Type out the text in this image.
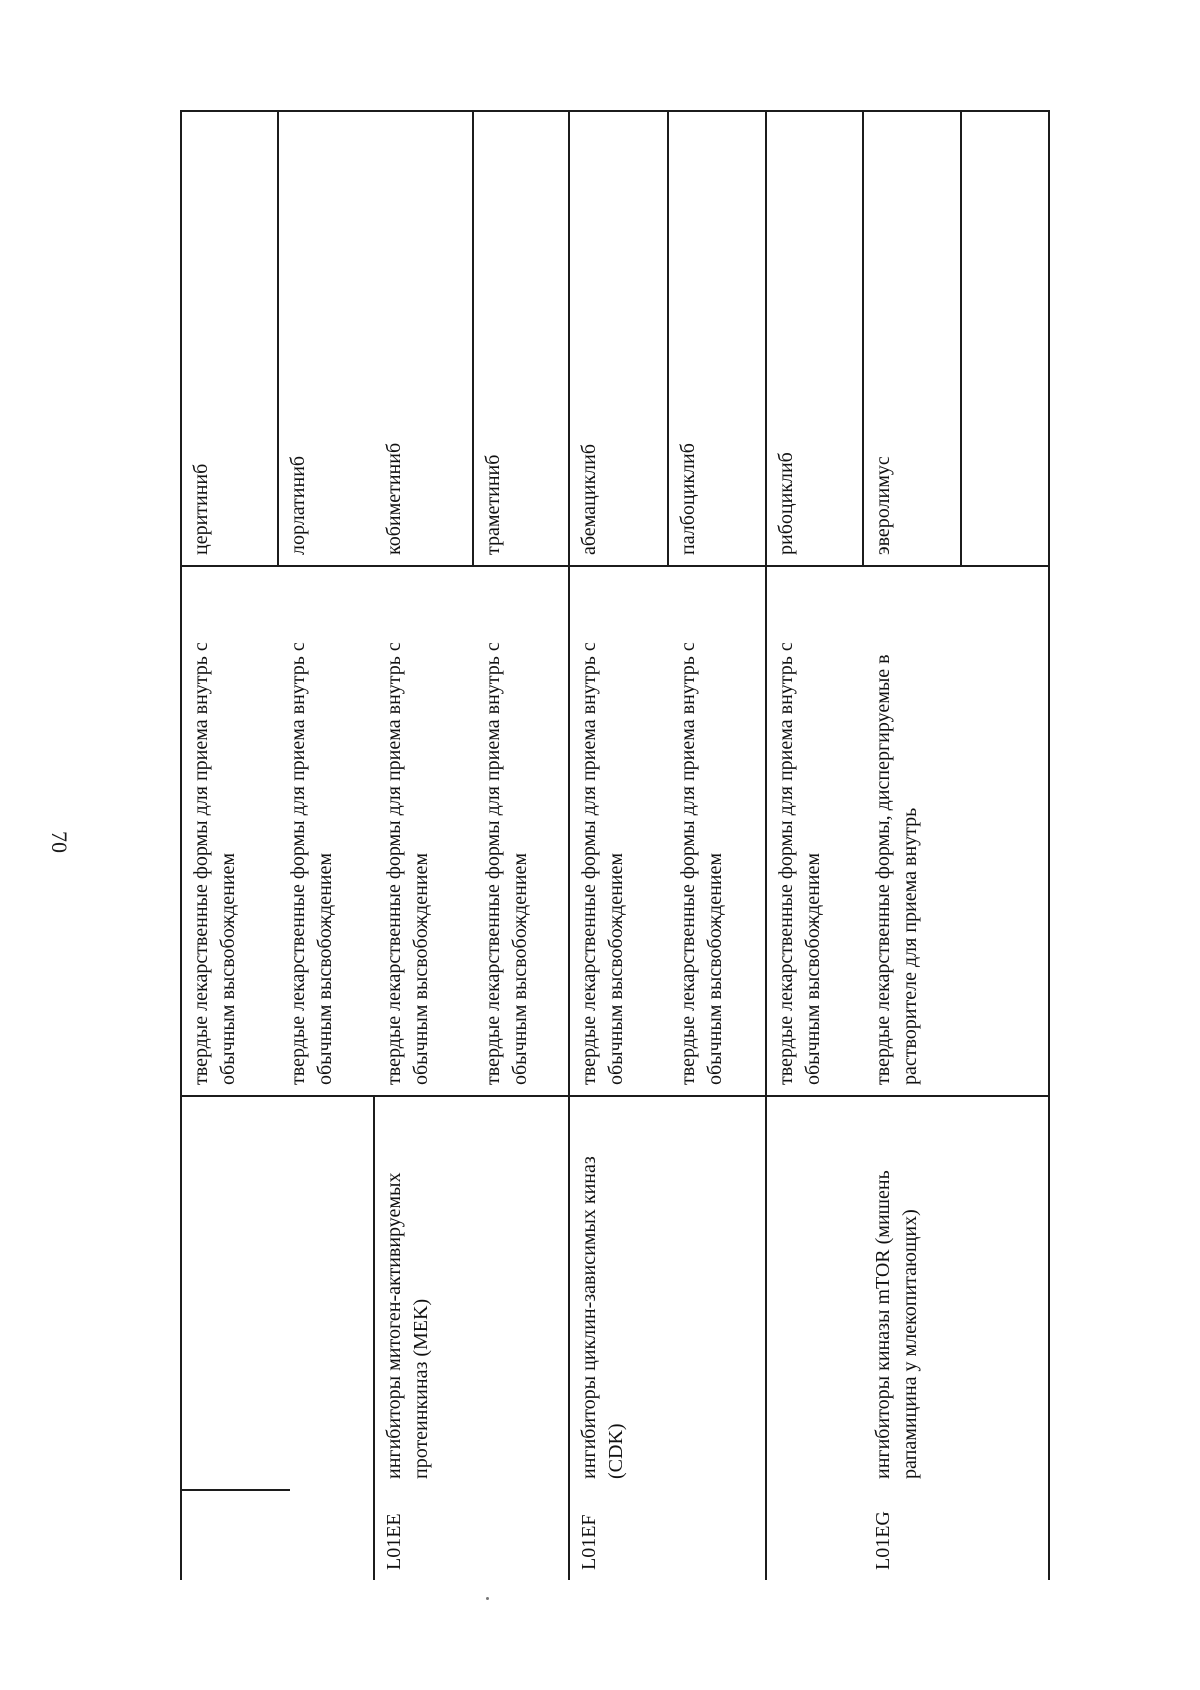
70
церитиниб
твердые лекарственные формы для приема внутрь с обычным высвобождением
лорлатиниб
твердые лекарственные формы для приема внутрь с обычным высвобождением
L01EE
ингибиторы митоген-активируемых протеинкиназ (MEK)
кобиметиниб
твердые лекарственные формы для приема внутрь с обычным высвобождением
траметиниб
твердые лекарственные формы для приема внутрь с обычным высвобождением
L01EF
ингибиторы циклин-зависимых киназ (CDK)
абемациклиб
твердые лекарственные формы для приема внутрь с обычным высвобождением
палбоциклиб
твердые лекарственные формы для приема внутрь с обычным высвобождением
рибоциклиб
твердые лекарственные формы для приема внутрь с обычным высвобождением
L01EG
ингибиторы киназы mTOR (мишень рапамицина у млекопитающих)
эверолимус
твердые лекарственные формы, диспергируемые в растворителе для приема внутрь
